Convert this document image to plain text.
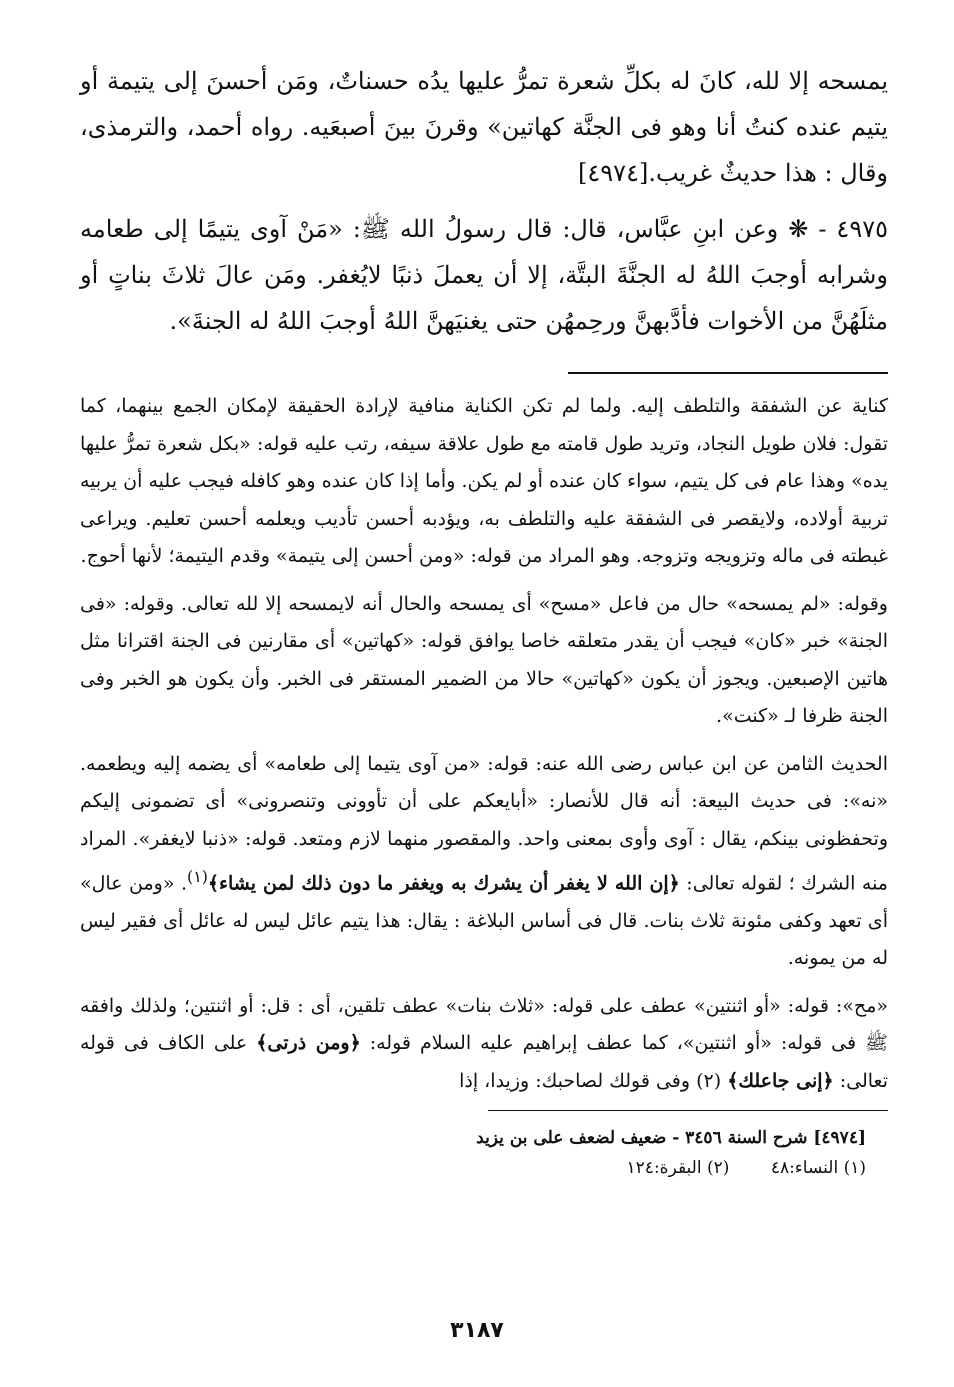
يمسحه إلا لله، كانَ له بكلِّ شعرة تمرُّ عليها يدُه حسناتٌ، ومَن أحسنَ إلى يتيمة أو يتيم عنده كنتُ أنا وهو فى الجنَّة كهاتين» وقرنَ بينَ أصبعَيه. رواه أحمد، والترمذى، وقال : هذا حديثٌ غريب.[٤٩٧٤]

٤٩٧٥ - ❋ وعن ابنِ عبَّاس، قال: قال رسولُ الله ﷺ: «مَنْ آوى يتيمًا إلى طعامه وشرابه أوجبَ اللهُ له الجنَّةَ البتَّة، إلا أن يعملَ ذنبًا لايُغفر. ومَن عالَ ثلاثَ بناتٍ أو مثلَهُنَّ من الأخوات فأدَّبهنَّ ورحِمهُن حتى يغنيَهنَّ اللهُ أوجبَ اللهُ له الجنةَ».

كناية عن الشفقة والتلطف إليه. ولما لم تكن الكناية منافية لإرادة الحقيقة لإمكان الجمع بينهما، كما تقول: فلان طويل النجاد، وتريد طول قامته مع طول علاقة سيفه، رتب عليه قوله: «بكل شعرة تمرُّ عليها يده» وهذا عام فى كل يتيم، سواء كان عنده أو لم يكن. وأما إذا كان عنده وهو كافله فيجب عليه أن يربيه تربية أولاده، ولايقصر فى الشفقة عليه والتلطف به، ويؤدبه أحسن تأديب ويعلمه أحسن تعليم. ويراعى غبطته فى ماله وتزويجه وتزوجه. وهو المراد من قوله: «ومن أحسن إلى يتيمة» وقدم اليتيمة؛ لأنها أحوج.

وقوله: «لم يمسحه» حال من فاعل «مسح» أى يمسحه والحال أنه لايمسحه إلا لله تعالى. وقوله: «فى الجنة» خبر «كان» فيجب أن يقدر متعلقه خاصا يوافق قوله: «كهاتين» أى مقارنين فى الجنة اقترانا مثل هاتين الإصبعين. ويجوز أن يكون «كهاتين» حالا من الضمير المستقر فى الخبر. وأن يكون هو الخبر وفى الجنة ظرفا لـ «كنت».

الحديث الثامن عن ابن عباس رضى الله عنه: قوله: «من آوى يتيما إلى طعامه» أى يضمه إليه ويطعمه. «نه»: فى حديث البيعة: أنه قال للأنصار: «أبايعكم على أن تأوونى وتنصرونى» أى تضمونى إليكم وتحفظونى بينكم، يقال : آوى وأوى بمعنى واحد. والمقصور منهما لازم ومتعد. قوله: «ذنبا لايغفر». المراد منه الشرك ؛ لقوله تعالى: ﴿إن الله لا يغفر أن يشرك به ويغفر ما دون ذلك لمن يشاء﴾$^{(١)}$. «ومن عال» أى تعهد وكفى مئونة ثلاث بنات. قال فى أساس البلاغة : يقال: هذا يتيم عائل ليس له عائل أى فقير ليس له من يمونه.

«مح»: قوله: «أو اثنتين» عطف على قوله: «ثلاث بنات» عطف تلقين، أى : قل: أو اثنتين؛ ولذلك وافقه ﷺ فى قوله: «أو اثنتين»، كما عطف إبراهيم عليه السلام قوله: ﴿ومن ذرتى﴾ على الكاف فى قوله تعالى: ﴿إنى جاعلك﴾ (٢) وفى قولك لصاحبك: وزيدا، إذا

[٤٩٧٤] شرح السنة ٣٤٥٦ - ضعيف لضعف على بن يزيد
(١) النساء:٤٨ (٢) البقرة:١٢٤
٣١٨٧
